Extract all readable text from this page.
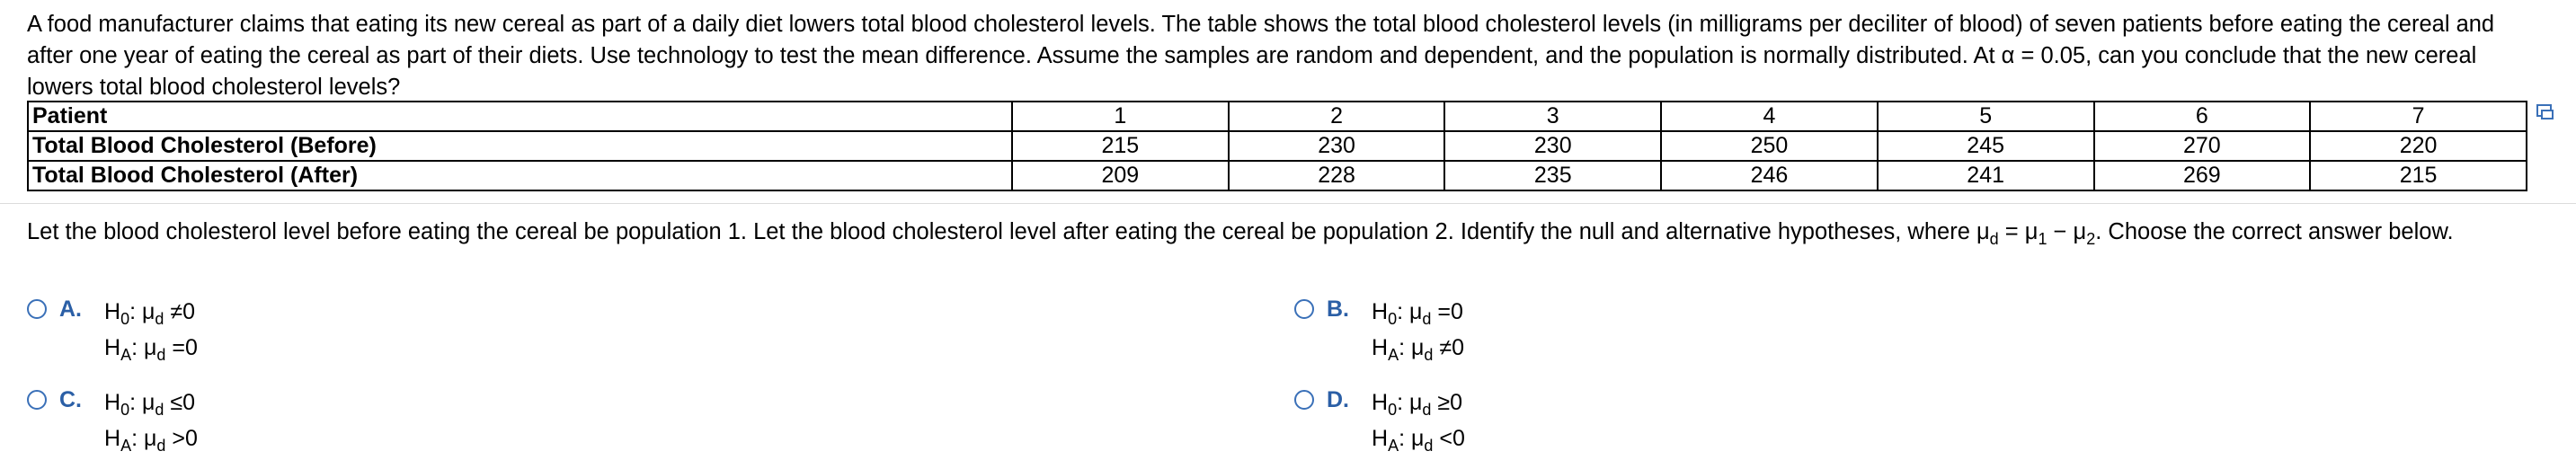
A food manufacturer claims that eating its new cereal as part of a daily diet lowers total blood cholesterol levels. The table shows the total blood cholesterol levels (in milligrams per deciliter of blood) of seven patients before eating the cereal and after one year of eating the cereal as part of their diets. Use technology to test the mean difference. Assume the samples are random and dependent, and the population is normally distributed. At α = 0.05, can you conclude that the new cereal lowers total blood cholesterol levels?
Patient	1	2	3	4	5	6	7
Total Blood Cholesterol (Before)	215	230	230	250	245	270	220
Total Blood Cholesterol (After)	209	228	235	246	241	269	215
Let the blood cholesterol level before eating the cereal be population 1. Let the blood cholesterol level after eating the cereal be population 2. Identify the null and alternative hypotheses, where $\mu_d = \mu_1 - \mu_2$. Choose the correct answer below.
A. $H_0$: $\mu_d \ne 0$
$H_A$: $\mu_d =0$
B. $H_0$: $\mu_d =0$
$H_A$: $\mu_d \ne 0$
C. $H_0$: $\mu_d \le 0$
$H_A$: $\mu_d >0$
D. $H_0$: $\mu_d \ge 0$
$H_A$: $\mu_d <0$
